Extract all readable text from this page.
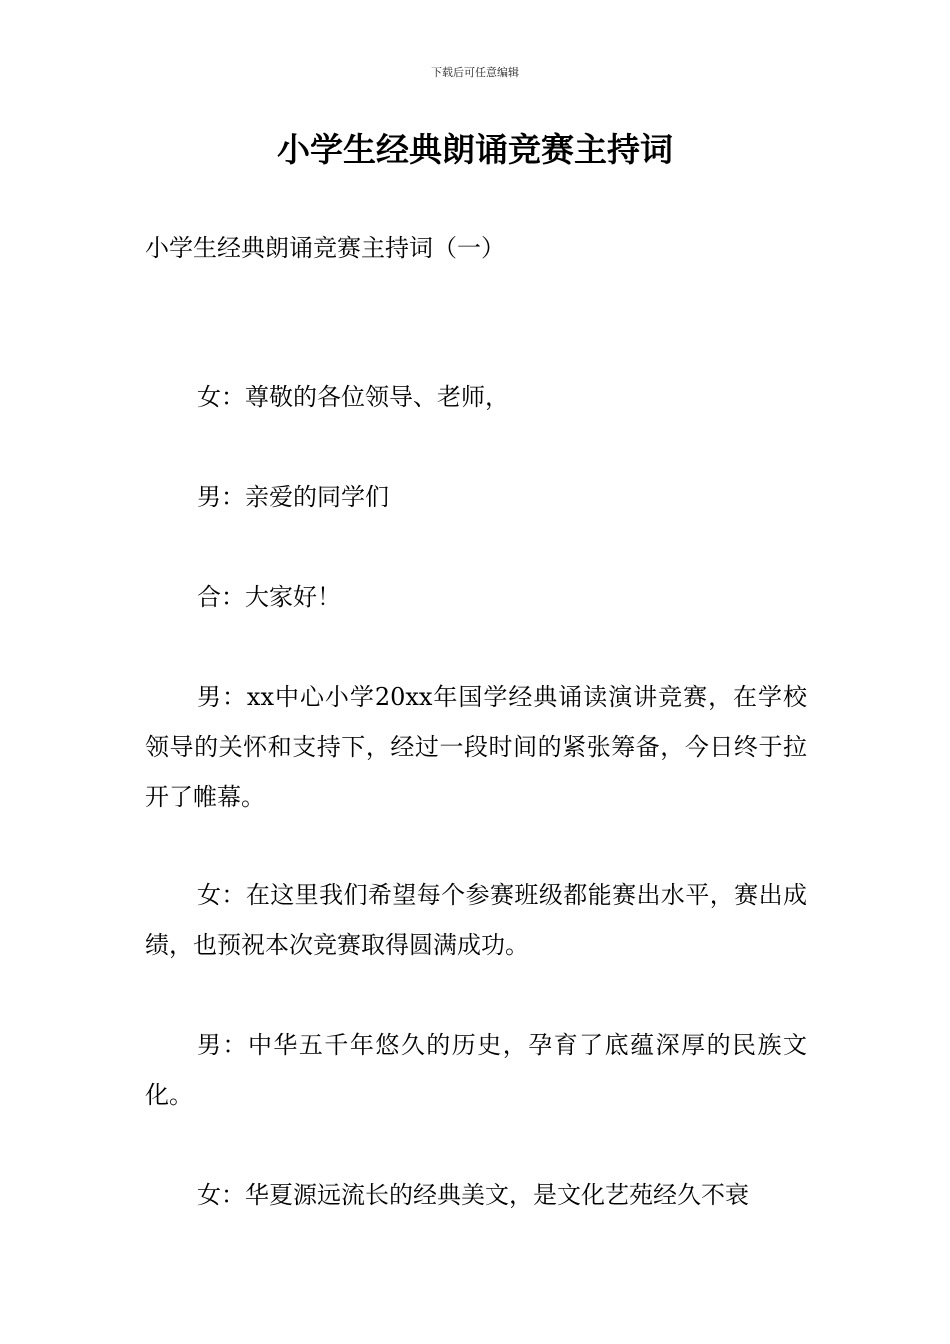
下载后可任意编辑
小学生经典朗诵竞赛主持词

小学生经典朗诵竞赛主持词（一）

女：尊敬的各位领导、老师，

男：亲爱的同学们

合：大家好！

男：xx中心小学20xx年国学经典诵读演讲竞赛，在学校领导的关怀和支持下，经过一段时间的紧张筹备，今日终于拉开了帷幕。

女：在这里我们希望每个参赛班级都能赛出水平，赛出成绩，也预祝本次竞赛取得圆满成功。

男：中华五千年悠久的历史，孕育了底蕴深厚的民族文化。

女：华夏源远流长的经典美文，是文化艺苑经久不衰
